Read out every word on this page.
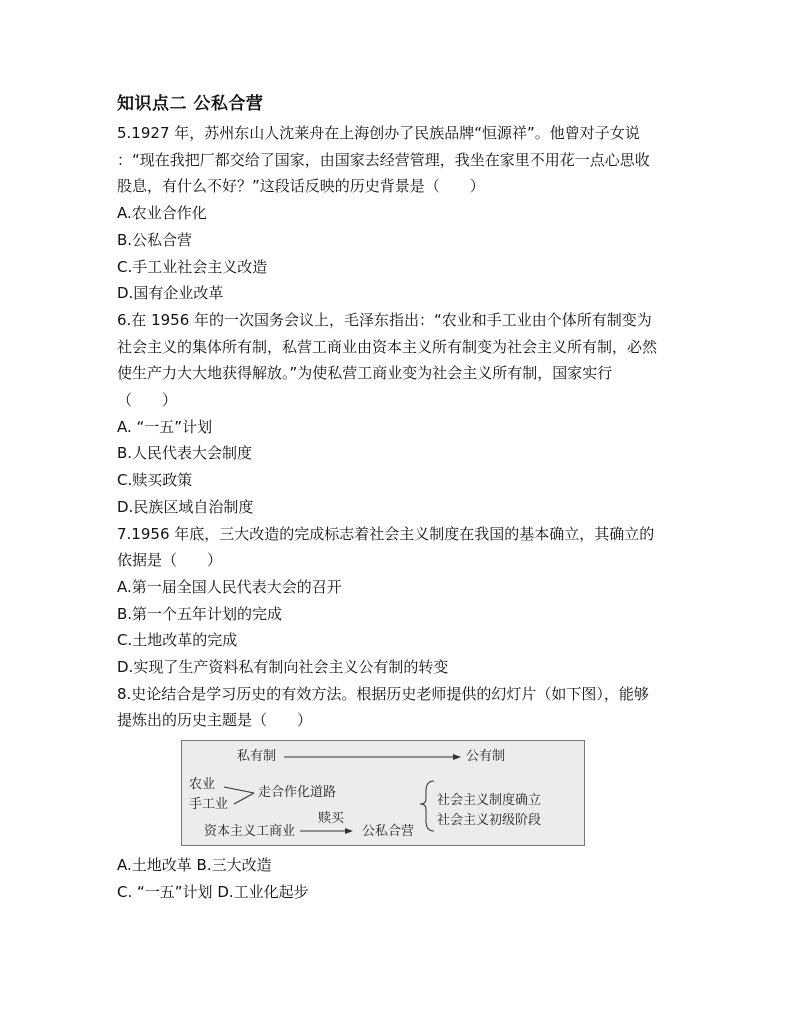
知识点二 公私合营
5.1927 年，苏州东山人沈莱舟在上海创办了民族品牌“恒源祥”。他曾对子女说
：“现在我把厂都交给了国家，由国家去经营管理，我坐在家里不用花一点心思收
股息，有什么不好？”这段话反映的历史背景是（　　）
A.农业合作化
B.公私合营
C.手工业社会主义改造
D.国有企业改革
6.在 1956 年的一次国务会议上，毛泽东指出：“农业和手工业由个体所有制变为
社会主义的集体所有制，私营工商业由资本主义所有制变为社会主义所有制，必然
使生产力大大地获得解放。”为使私营工商业变为社会主义所有制，国家实行
（　　）
A. “一五”计划
B.人民代表大会制度
C.赎买政策
D.民族区域自治制度
7.1956 年底，三大改造的完成标志着社会主义制度在我国的基本确立，其确立的
依据是（　　）
A.第一届全国人民代表大会的召开
B.第一个五年计划的完成
C.土地改革的完成
D.实现了生产资料私有制向社会主义公有制的转变
8.史论结合是学习历史的有效方法。根据历史老师提供的幻灯片（如下图），能够
提炼出的历史主题是（　　）
私有制	公有制
农业
手工业
走合作化道路
资本主义工商业
赎买
公私合营
社会主义制度确立
社会主义初级阶段
A.土地改革 B.三大改造
C. “一五”计划 D.工业化起步
